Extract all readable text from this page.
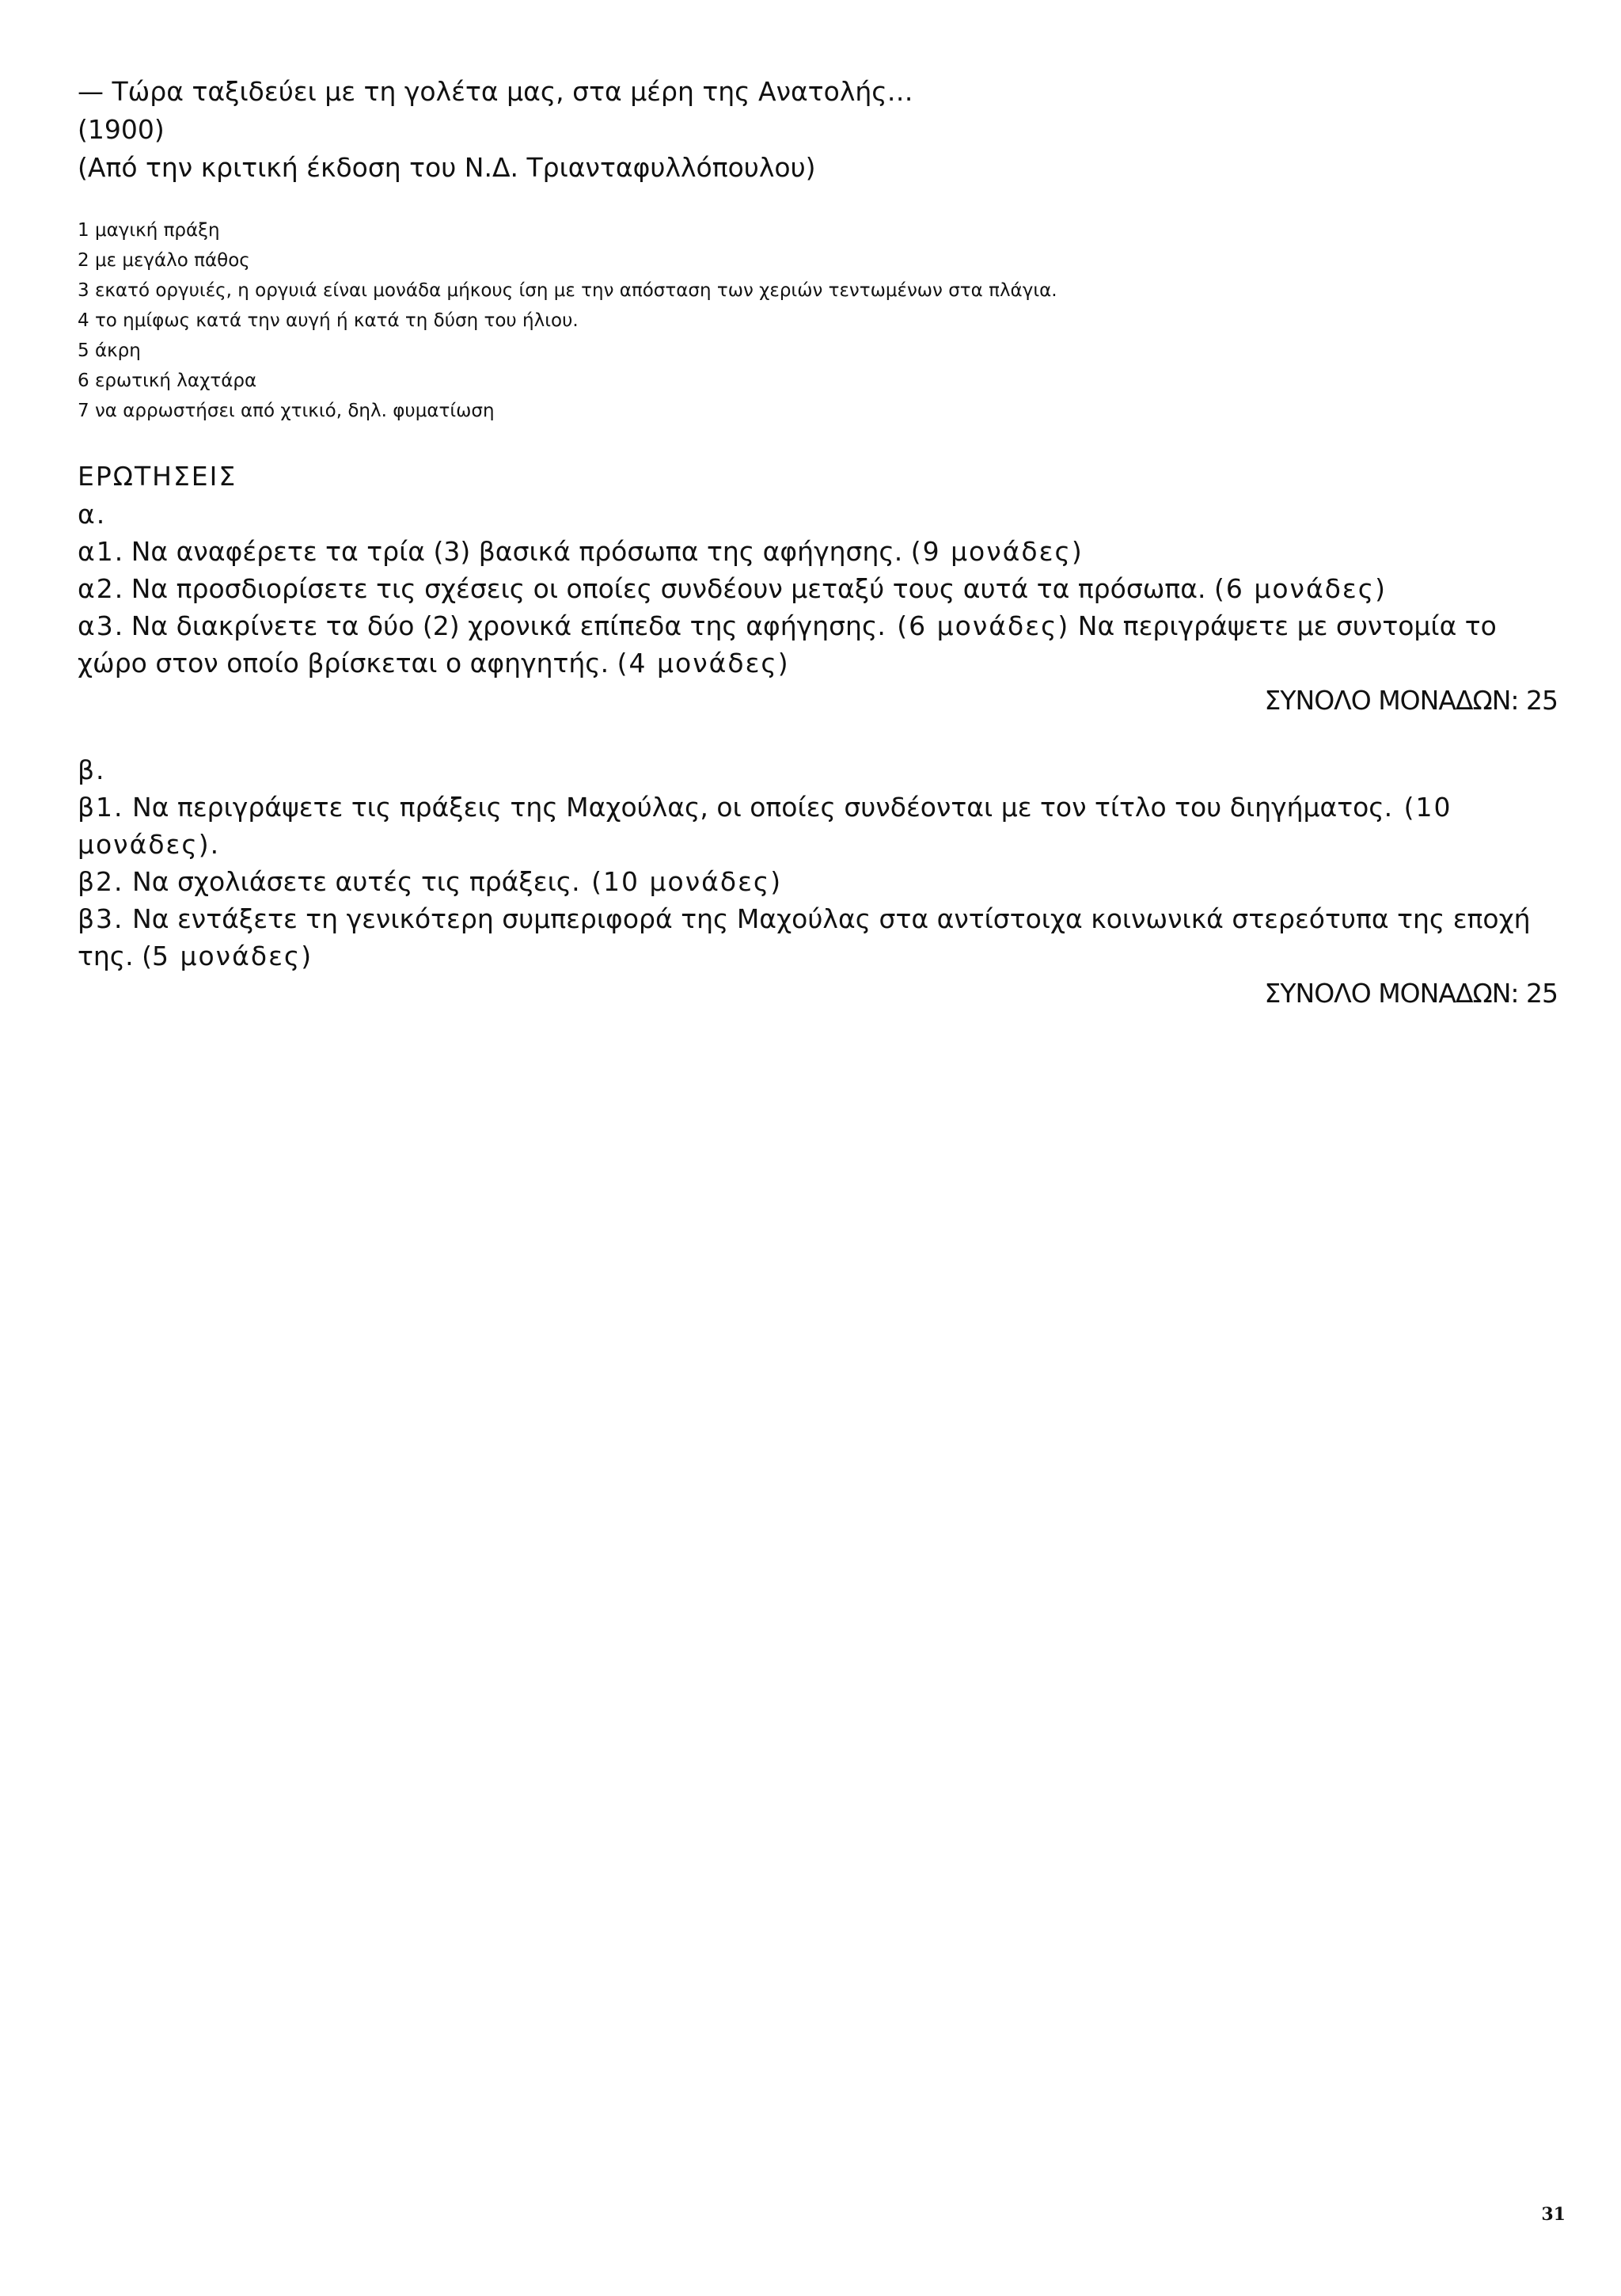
— Τώρα ταξιδεύει με τη γολέτα μας, στα μέρη της Ανατολής…
(1900)
(Από την κριτική έκδοση του Ν.Δ. Τριανταφυλλόπουλου)
1 μαγική πράξη
2 με μεγάλο πάθος
3 εκατό οργυιές, η οργυιά είναι μονάδα μήκους ίση με την απόσταση των χεριών τεντωμένων στα πλάγια.
4 το ημίφως κατά την αυγή ή κατά τη δύση του ήλιου.
5 άκρη
6 ερωτική λαχτάρα
7 να αρρωστήσει από χτικιό, δηλ. φυματίωση
ΕΡΩΤΗΣΕΙΣ
α.
α1. Να αναφέρετε τα τρία (3) βασικά πρόσωπα της αφήγησης. (9 μονάδες)
α2. Να προσδιορίσετε τις σχέσεις οι οποίες συνδέουν μεταξύ τους αυτά τα πρόσωπα. (6 μονάδες)
α3. Να διακρίνετε τα δύο (2) χρονικά επίπεδα της αφήγησης. (6 μονάδες) Να περιγράψετε με συντομία το χώρο στον οποίο βρίσκεται ο αφηγητής. (4 μονάδες)
ΣΥΝΟΛΟ ΜΟΝΑΔΩΝ: 25
β.
β1. Να περιγράψετε τις πράξεις της Μαχούλας, οι οποίες συνδέονται με τον τίτλο του διηγήματος. (10 μονάδες).
β2. Να σχολιάσετε αυτές τις πράξεις. (10 μονάδες)
β3. Να εντάξετε τη γενικότερη συμπεριφορά της Μαχούλας στα αντίστοιχα κοινωνικά στερεότυπα της εποχή της. (5 μονάδες)
ΣΥΝΟΛΟ ΜΟΝΑΔΩΝ: 25
31
